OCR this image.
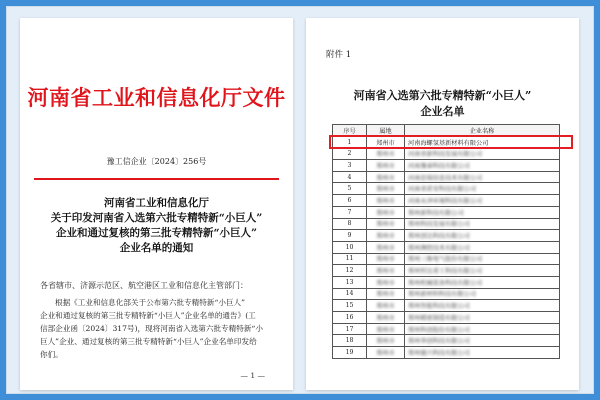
河南省工业和信息化厅文件
豫工信企业〔2024〕256号
河南省工业和信息化厅
关于印发河南省入选第六批专精特新“小巨人”
企业和通过复核的第三批专精特新“小巨人”
企业名单的通知
各省辖市、济源示范区、航空港区工业和信息化主管部门：
根据《工业和信息化部关于公布第六批专精特新“小巨人”
企业和通过复核的第三批专精特新“小巨人”企业名单的通告》(工
信部企业函〔2024〕317号)，现将河南省入选第六批专精特新“小
巨人”企业、通过复核的第三批专精特新“小巨人”企业名单印发给
你们。
— 1 —
附件 1
河南省入选第六批专精特新“小巨人”
企业名单
序号	属地	企业名称
1	郑州市	河南海螺氢基新材料有限公司
2	郑州市	河南省新科技发展有限公司
3	郑州市	河南豫睿科技有限公司
4	郑州市	河南思瑞信息技术有限公司
5	郑州市	河南省盾安科技有限公司
6	郑州市	河南永泽环境科技有限公司
7	郑州市	郑州新科技有限公司
8	郑州市	郑州科技发展有限公司
9	郑州市	郑州创达科技有限公司
10	郑州市	郑州测控技术有限公司
11	郑州市	郑州三维电气股份有限公司
12	郑州市	郑州恒达重工科技有限公司
13	郑州市	郑州机械装备科技有限公司
14	郑州市	郑州新材料科技有限公司
15	郑州市	郑州智能科技有限公司
16	郑州市	郑州精密制造有限公司
17	郑州市	郑州科创股份有限公司
18	郑州市	郑州华创科技有限公司
19	郑州市	郑州德兴科技有限公司
